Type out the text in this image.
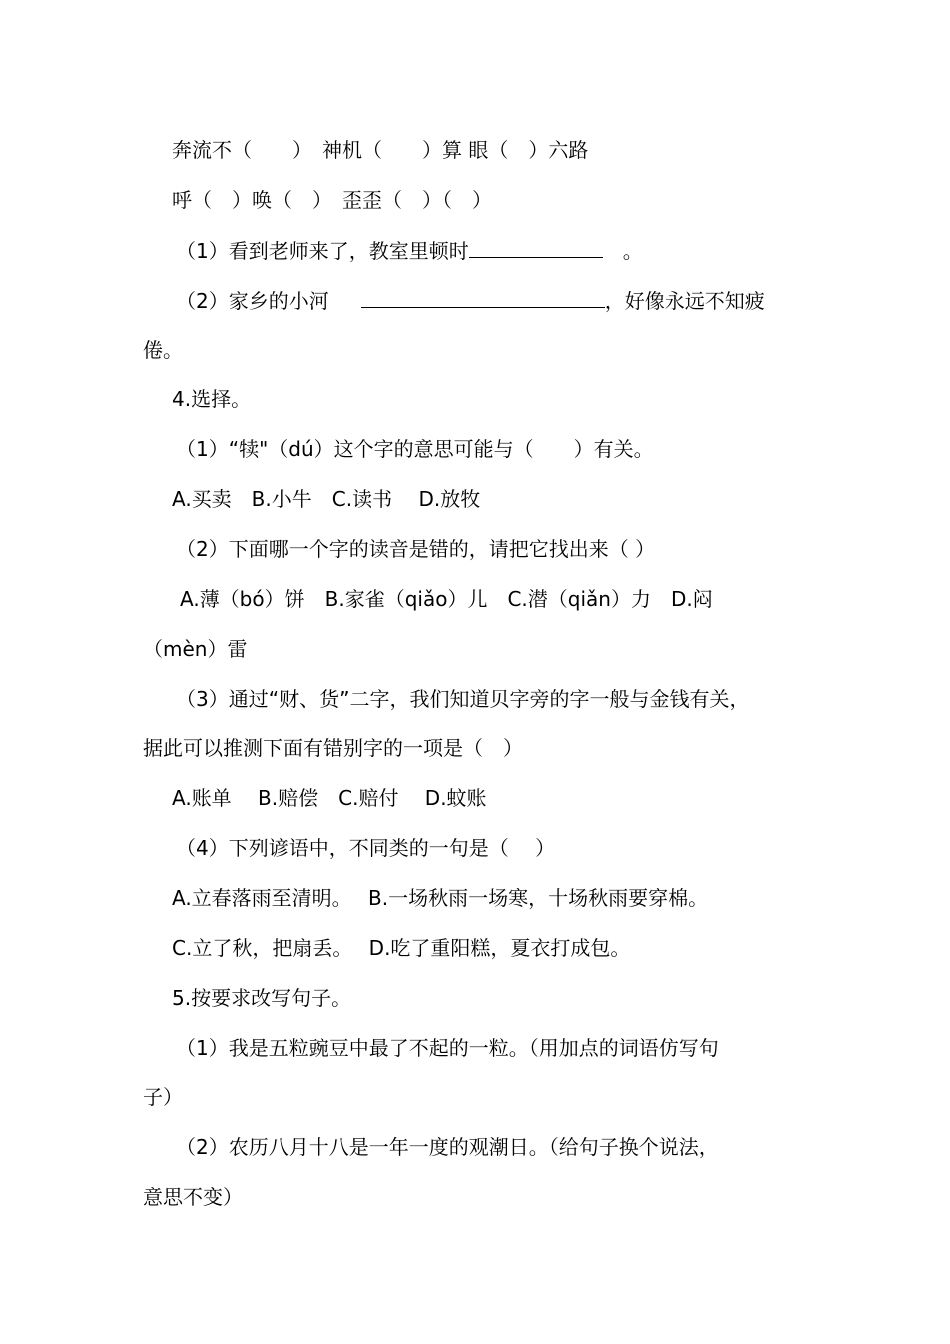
奔流不（　　）　神机（　　）算 眼（　）六路

呼（　）唤（　）　歪歪（　）（　）

（1）看到老师来了，教室里顿时	　。

（2）家乡的小河　	，好像永远不知疲

倦。

4.选择。

（1）“犊"（dú）这个字的意思可能与（　　）有关。

A.买卖　B.小牛　C.读书　 D.放牧

（2）下面哪一个字的读音是错的，请把它找出来（ ）

A.薄（bó）饼　B.家雀（qiǎo）儿　C.潜（qiǎn）力　D.闷

（mèn）雷

（3）通过“财、货”二字，我们知道贝字旁的字一般与金钱有关，

据此可以推测下面有错别字的一项是（　）

A.账单　 B.赔偿　C.赔付　 D.蚊账

（4）下列谚语中，不同类的一句是（　 ）

A.立春落雨至清明。　 B.一场秋雨一场寒，十场秋雨要穿棉。

C.立了秋，把扇丢。　 D.吃了重阳糕，夏衣打成包。

5.按要求改写句子。

（1）我是五粒豌豆中最了不起的一粒。（用加点的词语仿写句

子）

（2）农历八月十八是一年一度的观潮日。（给句子换个说法，

意思不变）
